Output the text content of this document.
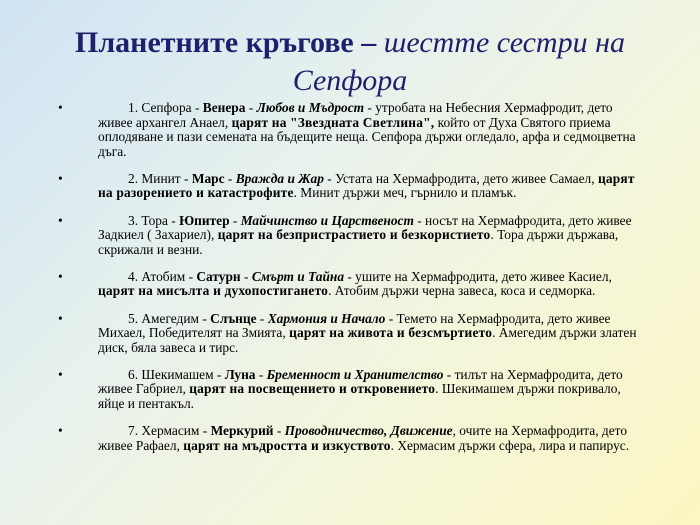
Планетните кръгове – шестте сестри на Сепфора
•	1. Сепфора - Венера - Любов и Мъдрост - утробата на Небесния Хермафродит, дето живее архангел Анаел, царят на "Звездната Светлина", който от Духа Святого приема оплодяване и пази семената на бъдещите неща. Сепфора държи огледало, арфа и седмоцветна дъга.
•	2. Минит - Марс - Вражда и Жар - Устата на Хермафродита, дето живее Самаел, царят на разорението и катастрофите. Минит държи меч, гърнило и пламък.
•	3. Тора - Юпитер - Майчинство и Царственост - носът на Хермафродита, дето живее Задкиел ( Захариел), царят на безпристрастието и безкористието. Тора държи държава, скрижали и везни.
•	4. Атобим - Сатурн - Смърт и Тайна - ушите на Хермафродита, дето живее Касиел, царят на мисълта и духопостигането. Атобим държи черна завеса, коса и седморка.
•	5. Амегедим - Слънце - Хармония и Начало - Темето на Хермафродита, дето живее Михаел, Победителят на Змията, царят на живота и безсмъртието. Амегедим държи златен диск, бяла завеса и тирс.
•	6. Шекимашем - Луна - Бременност и Хранителство - тилът на Хермафродита, дето живее Габриел, царят на посвещението и откровението. Шекимашем държи покривало, яйце и пентакъл.
•	7. Хермасим - Меркурий - Проводничество, Движение, очите на Хермафродита, дето живее Рафаел, царят на мъдростта и изкуството. Хермасим държи сфера, лира и папирус.
